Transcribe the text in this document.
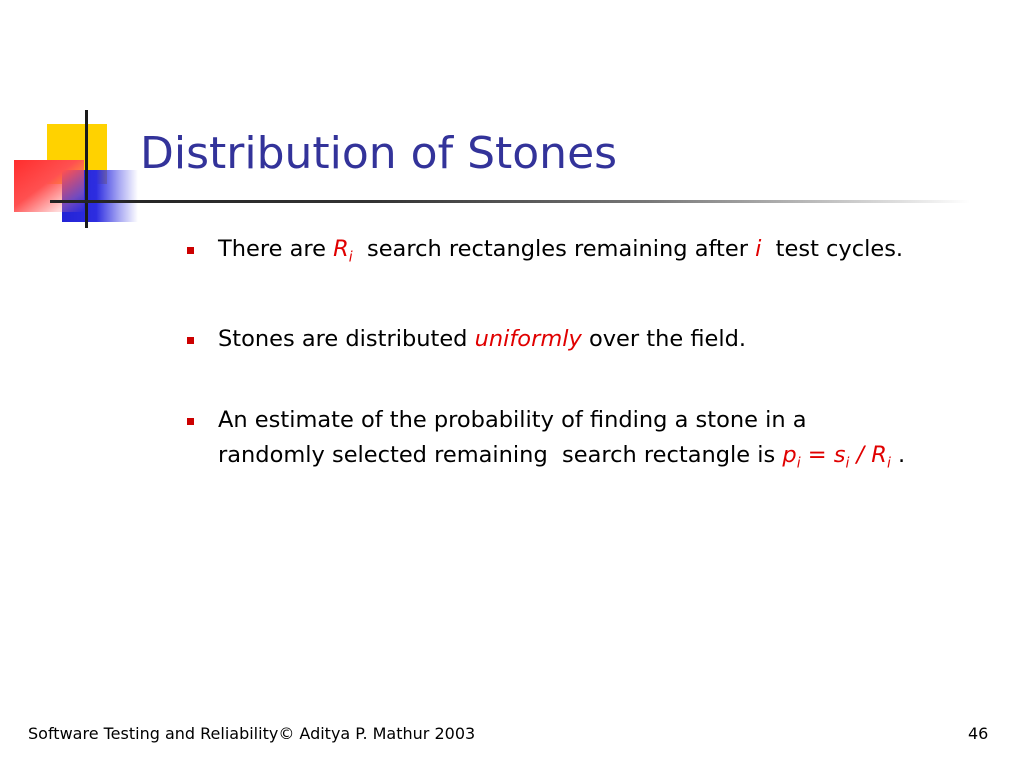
Distribution of Stones
There are $R_i$  search rectangles remaining after i  test cycles.
Stones are distributed uniformly over the field.
An estimate of the probability of finding a stone in a
randomly selected remaining  search rectangle is $p_i = s_i / R_i$ .
Software Testing and Reliability© Aditya P. Mathur 2003	46
